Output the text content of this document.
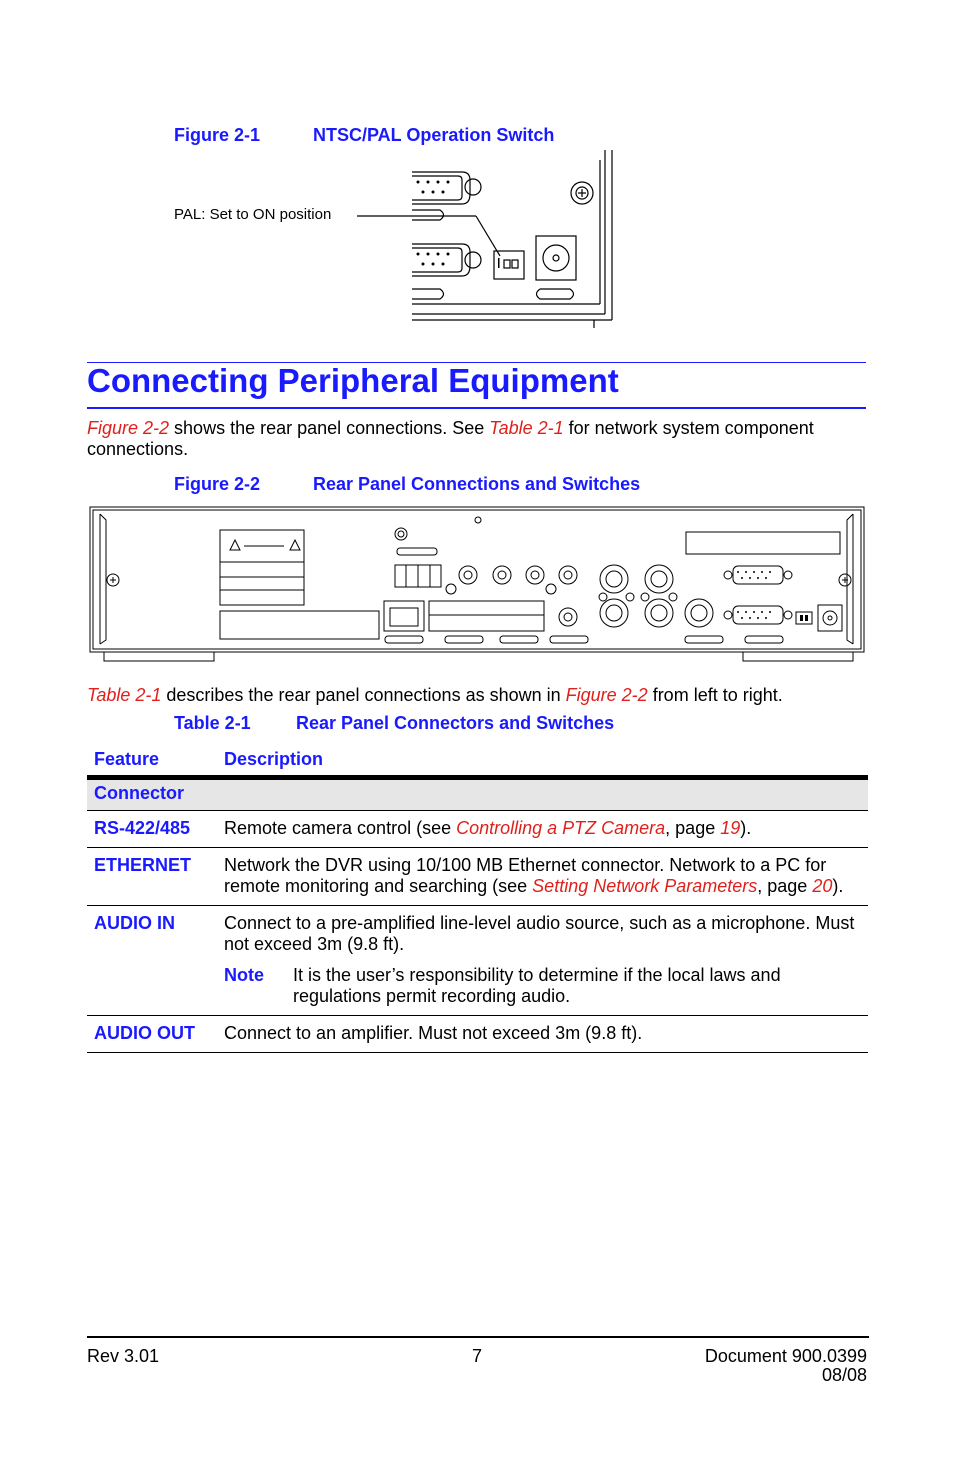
Figure 2-1	NTSC/PAL Operation Switch
PAL: Set to ON position
Connecting Peripheral Equipment
Figure 2-2 shows the rear panel connections. See Table 2-1 for network system component connections.
Figure 2-2	Rear Panel Connections and Switches
Table 2-1 describes the rear panel connections as shown in Figure 2-2 from left to right.
Table 2-1	Rear Panel Connectors and Switches
Feature	Description
Connector	
RS-422/485	Remote camera control (see Controlling a PTZ Camera, page 19).
ETHERNET	Network the DVR using 10/100 MB Ethernet connector. Network to a PC for remote monitoring and searching (see Setting Network Parameters, page 20).
AUDIO IN	Connect to a pre-amplified line-level audio source, such as a microphone. Must not exceed 3m (9.8 ft).
Note It is the user’s responsibility to determine if the local laws and regulations permit recording audio.

AUDIO OUT	Connect to an amplifier. Must not exceed 3m (9.8 ft).
Rev 3.01	7	Document 900.0399
08/08
